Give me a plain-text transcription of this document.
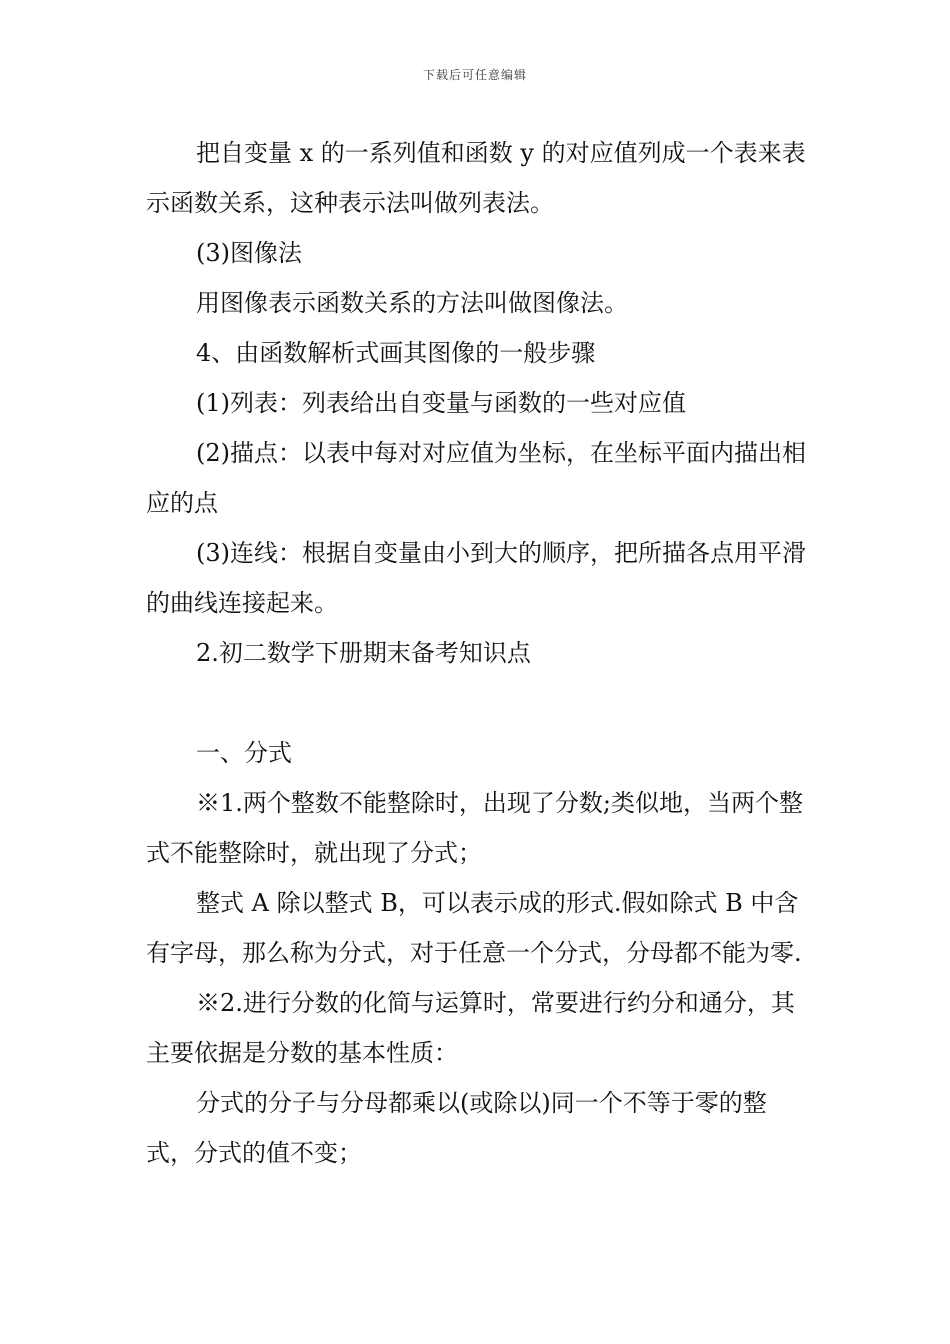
下载后可任意编辑

把自变量 x 的一系列值和函数 y 的对应值列成一个表来表示函数关系，这种表示法叫做列表法。

(3)图像法

用图像表示函数关系的方法叫做图像法。

4、由函数解析式画其图像的一般步骤

(1)列表：列表给出自变量与函数的一些对应值

(2)描点：以表中每对对应值为坐标，在坐标平面内描出相应的点

(3)连线：根据自变量由小到大的顺序，把所描各点用平滑的曲线连接起来。

2.初二数学下册期末备考知识点

一、分式

※1.两个整数不能整除时，出现了分数;类似地，当两个整式不能整除时，就出现了分式；

整式 A 除以整式 B，可以表示成的形式.假如除式 B 中含有字母，那么称为分式，对于任意一个分式，分母都不能为零.

※2.进行分数的化简与运算时，常要进行约分和通分，其主要依据是分数的基本性质：

分式的分子与分母都乘以(或除以)同一个不等于零的整式，分式的值不变；
